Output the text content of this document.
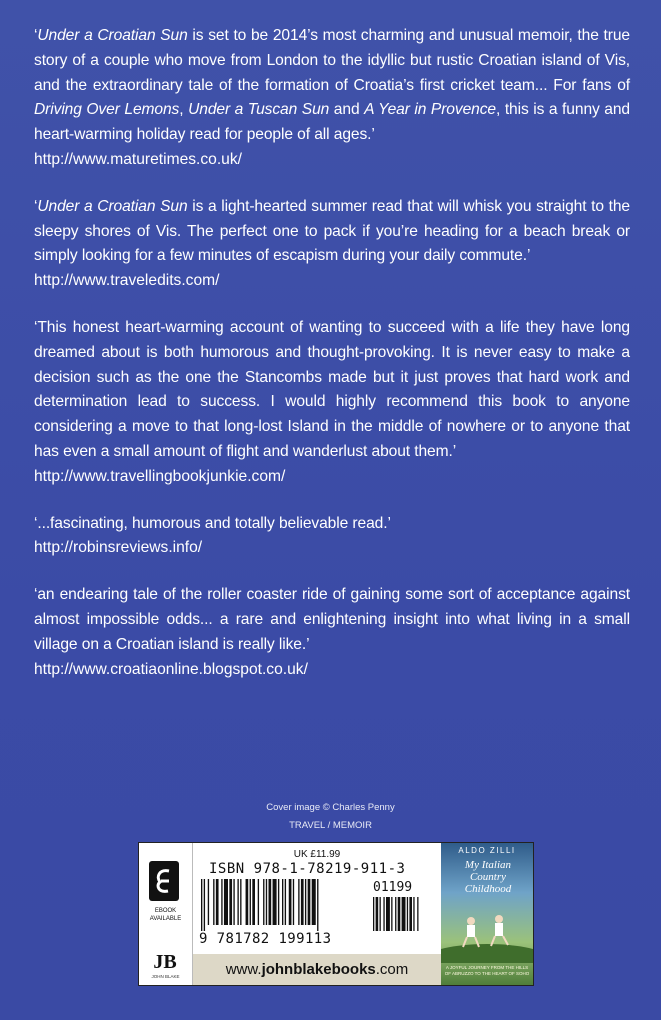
‘Under a Croatian Sun is set to be 2014’s most charming and unusual memoir, the true story of a couple who move from London to the idyllic but rustic Croatian island of Vis, and the extraordinary tale of the formation of Croatia’s first cricket team... For fans of Driving Over Lemons, Under a Tuscan Sun and A Year in Provence, this is a funny and heart-warming holiday read for people of all ages.’

http://www.maturetimes.co.uk/

‘Under a Croatian Sun is a light-hearted summer read that will whisk you straight to the sleepy shores of Vis. The perfect one to pack if you’re heading for a beach break or simply looking for a few minutes of escapism during your daily commute.’

http://www.traveledits.com/

‘This honest heart-warming account of wanting to succeed with a life they have long dreamed about is both humorous and thought-provoking. It is never easy to make a decision such as the one the Stancombs made but it just proves that hard work and determination lead to success. I would highly recommend this book to anyone considering a move to that long-lost Island in the middle of nowhere or to anyone that has even a small amount of flight and wanderlust about them.’

http://www.travellingbookjunkie.com/

‘...fascinating, humorous and totally believable read.’

http://robinsreviews.info/

‘an endearing tale of the roller coaster ride of gaining some sort of acceptance against almost impossible odds... a rare and enlightening insight into what living in a small village on a Croatian island is really like.’

http://www.croatiaonline.blogspot.co.uk/

Cover image © Charles Penny
TRAVEL / MEMOIR
EBOOK AVAILABLE
JB
JOHN BLAKE
UK £11.99
ISBN 978-1-78219-911-3
01199
9 781782 199113
www.johnblakebooks.com
ALDO ZILLI
My Italian Country Childhood
A JOYFUL JOURNEY FROM THE HILLS OF ABRUZZO TO THE HEART OF SOHO
